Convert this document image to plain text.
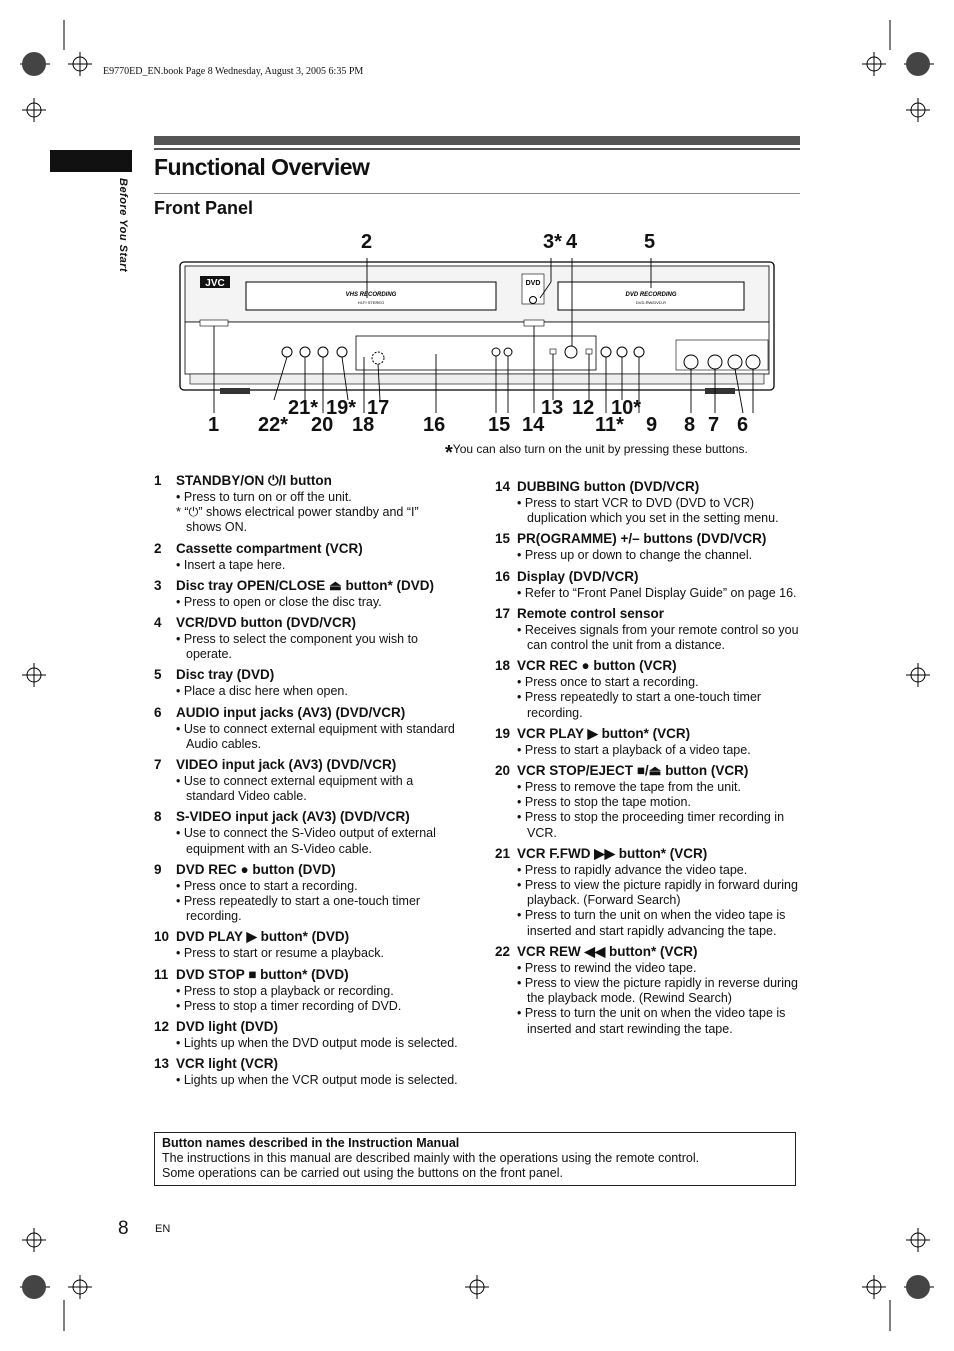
E9770ED_EN.book Page 8 Wednesday, August 3, 2005 6:35 PM
Before You Start
Functional Overview
Front Panel
JVC
VHS RECORDING
HI-FI STEREO
DVD
DVD RECORDING
DVD-RW/DVD-R
2	3* 4	5
21* 19* 17	13 12 10*
1 22* 20 18 16 15 14	11* 9 8 7 6
*You can also turn on the unit by pressing these buttons.
1	STANDBY/ON ⏻/I button
• Press to turn on or off the unit.
* “⏻” shows electrical power standby and “I”
shows ON.
2	Cassette compartment (VCR)
• Insert a tape here.
3	Disc tray OPEN/CLOSE ⏏ button* (DVD)
• Press to open or close the disc tray.
4	VCR/DVD button (DVD/VCR)
• Press to select the component you wish to operate.
5	Disc tray (DVD)
• Place a disc here when open.
6	AUDIO input jacks (AV3) (DVD/VCR)
• Use to connect external equipment with standard Audio cables.
7	VIDEO input jack (AV3) (DVD/VCR)
• Use to connect external equipment with a standard Video cable.
8	S-VIDEO input jack (AV3) (DVD/VCR)
• Use to connect the S-Video output of external equipment with an S-Video cable.
9	DVD REC ● button (DVD)
• Press once to start a recording.
• Press repeatedly to start a one-touch timer recording.
10 DVD PLAY ▶ button* (DVD)
• Press to start or resume a playback.
11 DVD STOP ■ button* (DVD)
• Press to stop a playback or recording.
• Press to stop a timer recording of DVD.
12 DVD light (DVD)
• Lights up when the DVD output mode is selected.
13 VCR light (VCR)
• Lights up when the VCR output mode is selected.
14 DUBBING button (DVD/VCR)
• Press to start VCR to DVD (DVD to VCR) duplication which you set in the setting menu.
15 PR(OGRAMME) +/– buttons (DVD/VCR)
• Press up or down to change the channel.
16 Display (DVD/VCR)
• Refer to “Front Panel Display Guide” on page 16.
17 Remote control sensor
• Receives signals from your remote control so you can control the unit from a distance.
18 VCR REC ● button (VCR)
• Press once to start a recording.
• Press repeatedly to start a one-touch timer recording.
19 VCR PLAY ▶ button* (VCR)
• Press to start a playback of a video tape.
20 VCR STOP/EJECT ■/⏏ button (VCR)
• Press to remove the tape from the unit.
• Press to stop the tape motion.
• Press to stop the proceeding timer recording in VCR.
21 VCR F.FWD ▶▶ button* (VCR)
• Press to rapidly advance the video tape.
• Press to view the picture rapidly in forward during playback. (Forward Search)
• Press to turn the unit on when the video tape is inserted and start rapidly advancing the tape.
22 VCR REW ◀◀ button* (VCR)
• Press to rewind the video tape.
• Press to view the picture rapidly in reverse during the playback mode. (Rewind Search)
• Press to turn the unit on when the video tape is inserted and start rewinding the tape.
Button names described in the Instruction Manual
The instructions in this manual are described mainly with the operations using the remote control.
Some operations can be carried out using the buttons on the front panel.
8 EN
